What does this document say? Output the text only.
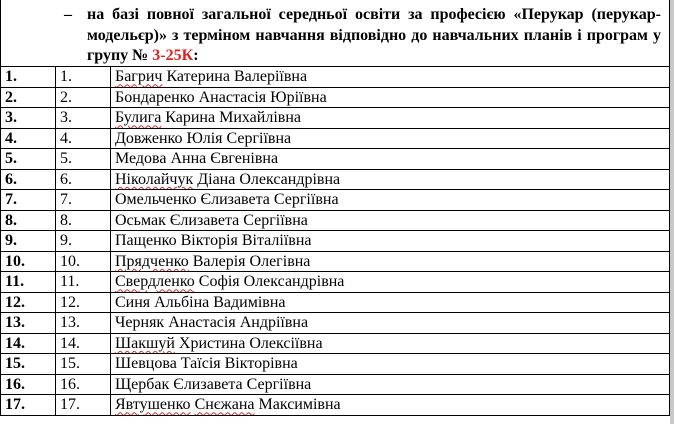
– на базі повної загальної середньої освіти за професією «Перукар (перукар-модельєр)» з терміном навчання відповідно до навчальних планів і програм у групу № 3-25К:
1.	1.	Багрич Катерина Валеріївна
2.	2.	Бондаренко Анастасія Юріївна
3.	3.	Булига Карина Михайлівна
4.	4.	Довженко Юлія Сергіївна
5.	5.	Медова Анна Євгенівна
6.	6.	Ніколайчук Діана Олександрівна
7.	7.	Омельченко Єлизавета Сергіївна
8.	8.	Осьмак Єлизавета Сергіївна
9.	9.	Пащенко Вікторія Віталіївна
10.	10.	Прядченко Валерія Олегівна
11.	11.	Свердленко Софія Олександрівна
12.	12.	Синя Альбіна Вадимівна
13.	13.	Черняк Анастасія Андріївна
14.	14.	Шакшуй Христина Олексіївна
15.	15.	Шевцова Таїсія Вікторівна
16.	16.	Щербак Єлизавета Сергіївна
17.	17.	Явтушенко Снєжана Максимівна
